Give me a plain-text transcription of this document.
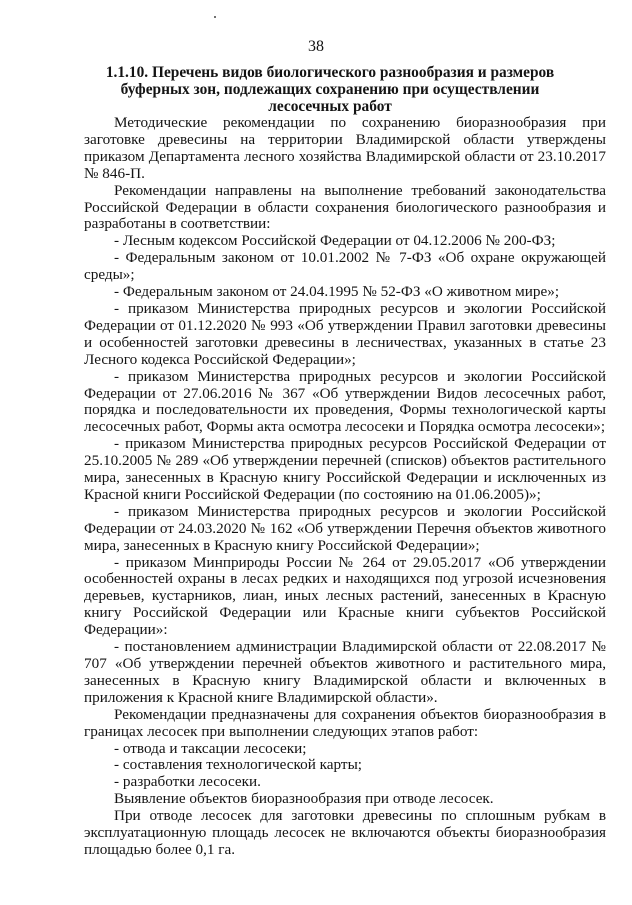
38
1.1.10. Перечень видов биологического разнообразия и размеров буферных зон, подлежащих сохранению при осуществлении лесосечных работ

Методические рекомендации по сохранению биоразнообразия при заготовке древесины на территории Владимирской области утверждены приказом Департамента лесного хозяйства Владимирской области от 23.10.2017 № 846-П.

Рекомендации направлены на выполнение требований законодательства Российской Федерации в области сохранения биологического разнообразия и разработаны в соответствии:

- Лесным кодексом Российской Федерации от 04.12.2006 № 200-ФЗ;

- Федеральным законом от 10.01.2002 № 7-ФЗ «Об охране окружающей среды»;

- Федеральным законом от 24.04.1995 № 52-ФЗ «О животном мире»;

- приказом Министерства природных ресурсов и экологии Российской Федерации от 01.12.2020 № 993 «Об утверждении Правил заготовки древесины и особенностей заготовки древесины в лесничествах, указанных в статье 23 Лесного кодекса Российской Федерации»;

- приказом Министерства природных ресурсов и экологии Российской Федерации от 27.06.2016 № 367 «Об утверждении Видов лесосечных работ, порядка и последовательности их проведения, Формы технологической карты лесосечных работ, Формы акта осмотра лесосеки и Порядка осмотра лесосеки»;

- приказом Министерства природных ресурсов Российской Федерации от 25.10.2005 № 289 «Об утверждении перечней (списков) объектов растительного мира, занесенных в Красную книгу Российской Федерации и исключенных из Красной книги Российской Федерации (по состоянию на 01.06.2005)»;

- приказом Министерства природных ресурсов и экологии Российской Федерации от 24.03.2020 № 162 «Об утверждении Перечня объектов животного мира, занесенных в Красную книгу Российской Федерации»;

- приказом Минприроды России № 264 от 29.05.2017 «Об утверждении особенностей охраны в лесах редких и находящихся под угрозой исчезновения деревьев, кустарников, лиан, иных лесных растений, занесенных в Красную книгу Российской Федерации или Красные книги субъектов Российской Федерации»:

- постановлением администрации Владимирской области от 22.08.2017 № 707 «Об утверждении перечней объектов животного и растительного мира, занесенных в Красную книгу Владимирской области и включенных в приложения к Красной книге Владимирской области».

Рекомендации предназначены для сохранения объектов биоразнообразия в границах лесосек при выполнении следующих этапов работ:

- отвода и таксации лесосеки;

- составления технологической карты;

- разработки лесосеки.

Выявление объектов биоразнообразия при отводе лесосек.

При отводе лесосек для заготовки древесины по сплошным рубкам в эксплуатационную площадь лесосек не включаются объекты биоразнообразия площадью более 0,1 га.
